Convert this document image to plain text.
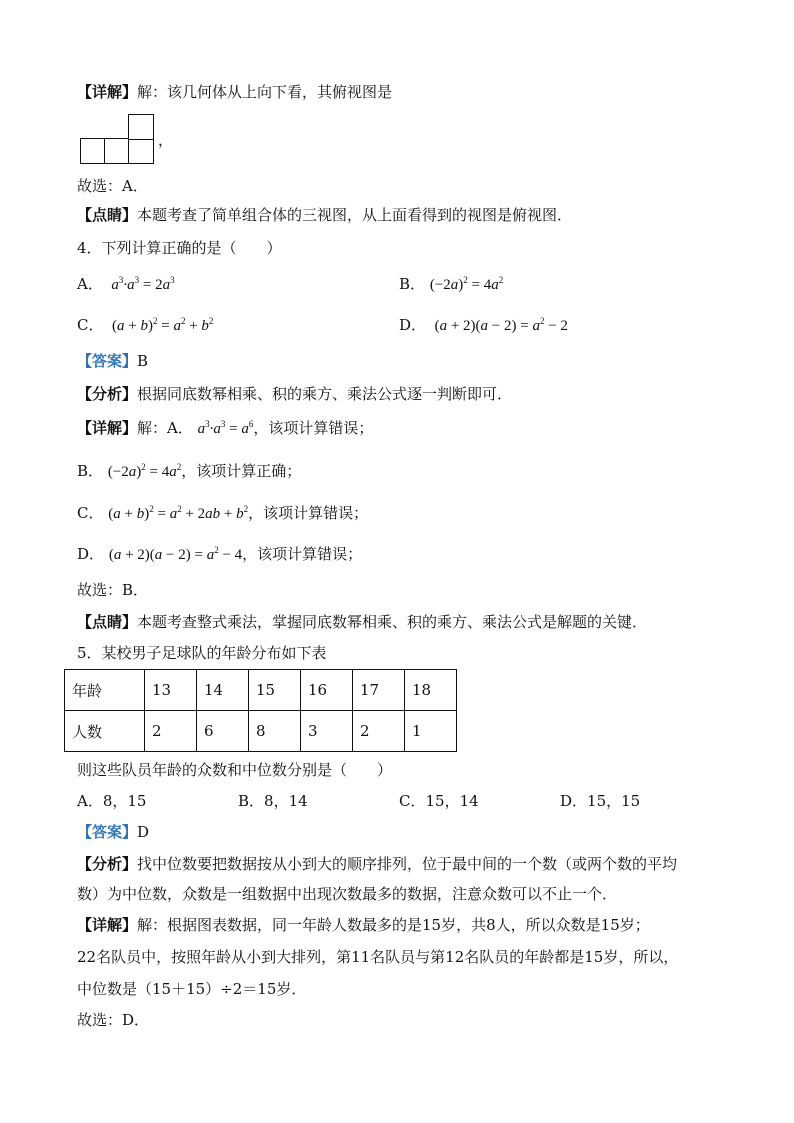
【详解】解：该几何体从上向下看，其俯视图是
，
故选：A．
【点睛】本题考查了简单组合体的三视图，从上面看得到的视图是俯视图．
4．下列计算正确的是（　　）
A．  $a^3\cdot a^3 = 2a^3$	B． $(-2a)^2 = 4a^2$
C． $(a + b)^2 = a^2 + b^2$	D． $(a + 2)(a - 2) = a^2 - 2$
【答案】B
【分析】根据同底数幂相乘、积的乘方、乘法公式逐一判断即可．
【详解】解：A． $a^3\cdot a^3 = a^6$，该项计算错误；
B． $(-2a)^2 = 4a^2$，该项计算正确；
C． $(a + b)^2 = a^2 + 2ab + b^2$，该项计算错误；
D． $(a + 2)(a - 2) = a^2 - 4$，该项计算错误；
故选：B．
【点睛】本题考查整式乘法，掌握同底数幂相乘、积的乘方、乘法公式是解题的关键．
5．某校男子足球队的年龄分布如下表
年龄	13	14	15	16	17	18
人数	2	6	8	3	2	1
则这些队员年龄的众数和中位数分别是（　　）
A．8，15	B．8，14	C．15，14	D．15，15
【答案】D
【分析】找中位数要把数据按从小到大的顺序排列，位于最中间的一个数（或两个数的平均
数）为中位数，众数是一组数据中出现次数最多的数据，注意众数可以不止一个．
【详解】解：根据图表数据，同一年龄人数最多的是15岁，共8人，所以众数是15岁；
22名队员中，按照年龄从小到大排列，第11名队员与第12名队员的年龄都是15岁，所以，
中位数是（15＋15）÷2＝15岁．
故选：D．
